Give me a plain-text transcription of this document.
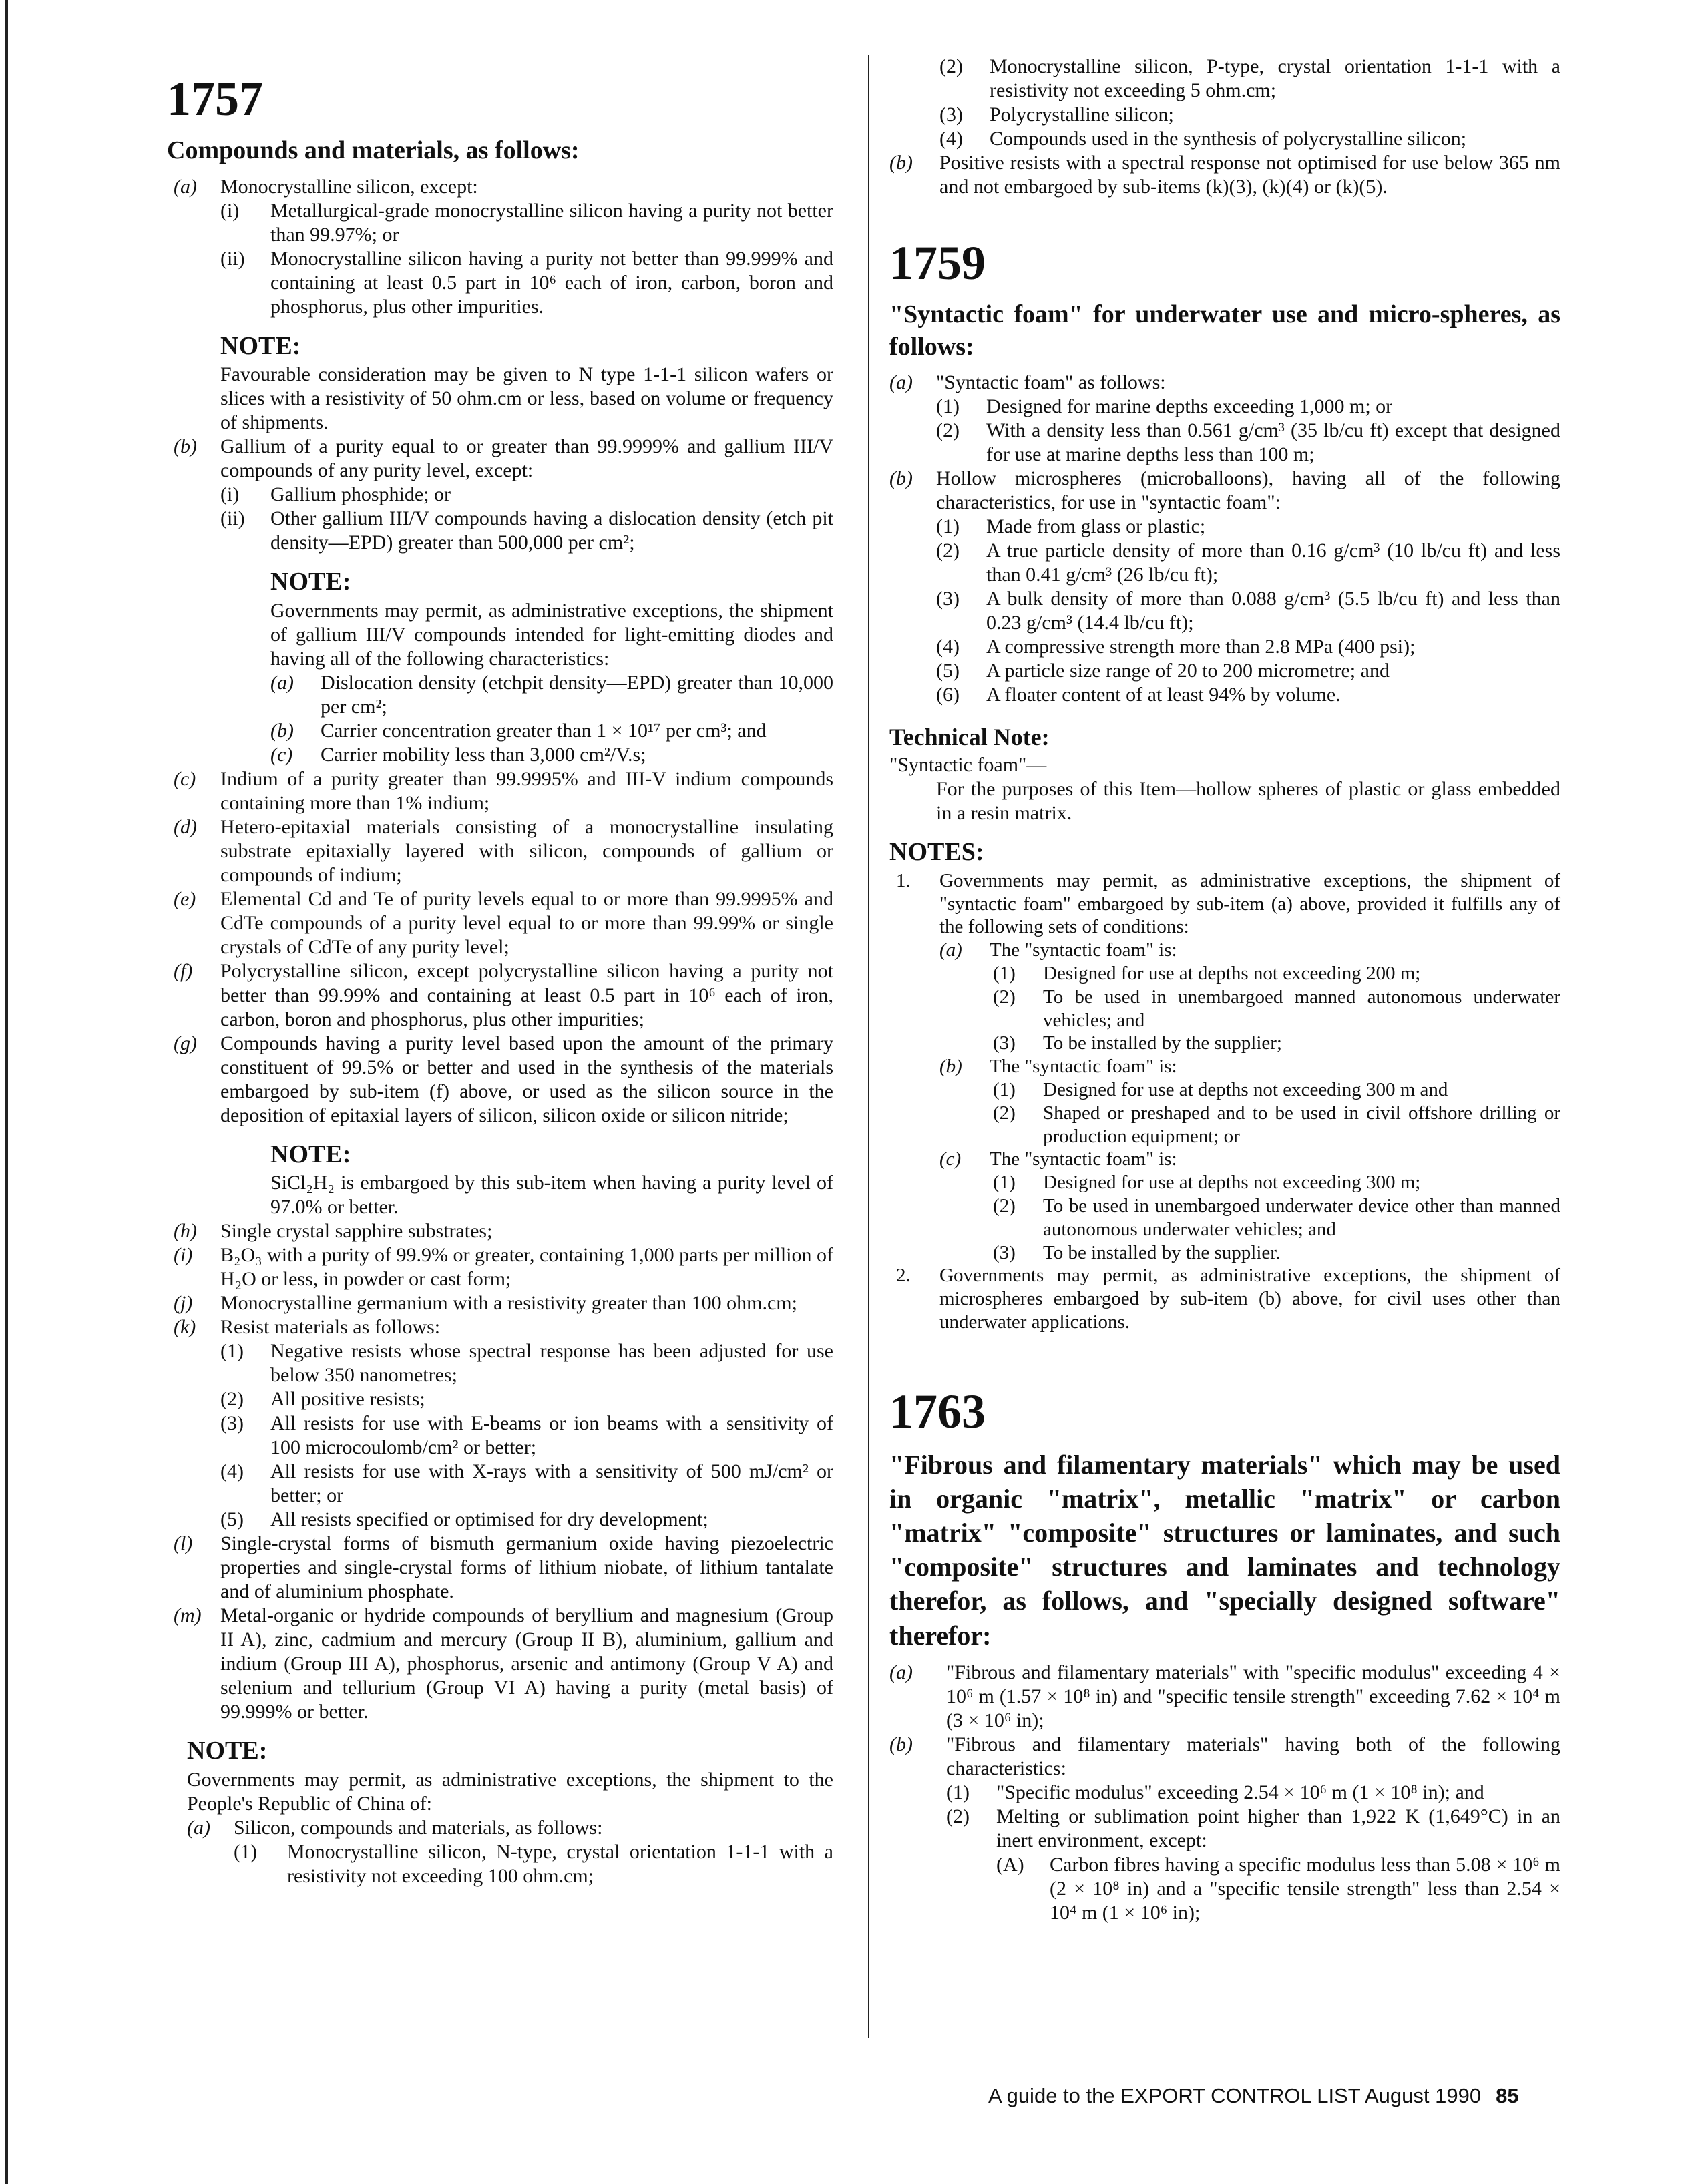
1757
Compounds and materials, as follows:
(a) Monocrystalline silicon, except:
(i) Metallurgical-grade monocrystalline silicon having a purity not better than 99.97%; or
(ii) Monocrystalline silicon having a purity not better than 99.999% and containing at least 0.5 part in 10⁶ each of iron, carbon, boron and phosphorus, plus other impurities.
NOTE:
Favourable consideration may be given to N type 1-1-1 silicon wafers or slices with a resistivity of 50 ohm.cm or less, based on volume or frequency of shipments.
(b) Gallium of a purity equal to or greater than 99.9999% and gallium III/V compounds of any purity level, except:
(i) Gallium phosphide; or
(ii) Other gallium III/V compounds having a dislocation density (etch pit density—EPD) greater than 500,000 per cm²;
NOTE:
Governments may permit, as administrative exceptions, the shipment of gallium III/V compounds intended for light-emitting diodes and having all of the following characteristics:
(a) Dislocation density (etchpit density—EPD) greater than 10,000 per cm²;
(b) Carrier concentration greater than 1 × 10¹⁷ per cm³; and
(c) Carrier mobility less than 3,000 cm²/V.s;
(c) Indium of a purity greater than 99.9995% and III-V indium compounds containing more than 1% indium;
(d) Hetero-epitaxial materials consisting of a monocrystalline insulating substrate epitaxially layered with silicon, compounds of gallium or compounds of indium;
(e) Elemental Cd and Te of purity levels equal to or more than 99.9995% and CdTe compounds of a purity level equal to or more than 99.99% or single crystals of CdTe of any purity level;
(f) Polycrystalline silicon, except polycrystalline silicon having a purity not better than 99.99% and containing at least 0.5 part in 10⁶ each of iron, carbon, boron and phosphorus, plus other impurities;
(g) Compounds having a purity level based upon the amount of the primary constituent of 99.5% or better and used in the synthesis of the materials embargoed by sub-item (f) above, or used as the silicon source in the deposition of epitaxial layers of silicon, silicon oxide or silicon nitride;
NOTE:
SiCl₂H₂ is embargoed by this sub-item when having a purity level of 97.0% or better.
(h) Single crystal sapphire substrates;
(i) B₂O₃ with a purity of 99.9% or greater, containing 1,000 parts per million of H₂O or less, in powder or cast form;
(j) Monocrystalline germanium with a resistivity greater than 100 ohm.cm;
(k) Resist materials as follows:
(1) Negative resists whose spectral response has been adjusted for use below 350 nanometres;
(2) All positive resists;
(3) All resists for use with E-beams or ion beams with a sensitivity of 100 microcoulomb/cm² or better;
(4) All resists for use with X-rays with a sensitivity of 500 mJ/cm² or better; or
(5) All resists specified or optimised for dry development;
(l) Single-crystal forms of bismuth germanium oxide having piezoelectric properties and single-crystal forms of lithium niobate, of lithium tantalate and of aluminium phosphate.
(m) Metal-organic or hydride compounds of beryllium and magnesium (Group II A), zinc, cadmium and mercury (Group II B), aluminium, gallium and indium (Group III A), phosphorus, arsenic and antimony (Group V A) and selenium and tellurium (Group VI A) having a purity (metal basis) of 99.999% or better.
NOTE:
Governments may permit, as administrative exceptions, the shipment to the People's Republic of China of:
(a) Silicon, compounds and materials, as follows:
(1) Monocrystalline silicon, N-type, crystal orientation 1-1-1 with a resistivity not exceeding 100 ohm.cm;
(2) Monocrystalline silicon, P-type, crystal orientation 1-1-1 with a resistivity not exceeding 5 ohm.cm;
(3) Polycrystalline silicon;
(4) Compounds used in the synthesis of polycrystalline silicon;
(b) Positive resists with a spectral response not optimised for use below 365 nm and not embargoed by sub-items (k)(3), (k)(4) or (k)(5).
1759
"Syntactic foam" for underwater use and micro-spheres, as follows:
(a) "Syntactic foam" as follows:
(1) Designed for marine depths exceeding 1,000 m; or
(2) With a density less than 0.561 g/cm³ (35 lb/cu ft) except that designed for use at marine depths less than 100 m;
(b) Hollow microspheres (microballoons), having all of the following characteristics, for use in "syntactic foam":
(1) Made from glass or plastic;
(2) A true particle density of more than 0.16 g/cm³ (10 lb/cu ft) and less than 0.41 g/cm³ (26 lb/cu ft);
(3) A bulk density of more than 0.088 g/cm³ (5.5 lb/cu ft) and less than 0.23 g/cm³ (14.4 lb/cu ft);
(4) A compressive strength more than 2.8 MPa (400 psi);
(5) A particle size range of 20 to 200 micrometre; and
(6) A floater content of at least 94% by volume.
Technical Note:
"Syntactic foam"—
For the purposes of this Item—hollow spheres of plastic or glass embedded in a resin matrix.
NOTES:
1. Governments may permit, as administrative exceptions, the shipment of "syntactic foam" embargoed by sub-item (a) above, provided it fulfills any of the following sets of conditions:
(a) The "syntactic foam" is:
(1) Designed for use at depths not exceeding 200 m;
(2) To be used in unembargoed manned autonomous underwater vehicles; and
(3) To be installed by the supplier;
(b) The "syntactic foam" is:
(1) Designed for use at depths not exceeding 300 m and
(2) Shaped or preshaped and to be used in civil offshore drilling or production equipment; or
(c) The "syntactic foam" is:
(1) Designed for use at depths not exceeding 300 m;
(2) To be used in unembargoed underwater device other than manned autonomous underwater vehicles; and
(3) To be installed by the supplier.
2. Governments may permit, as administrative exceptions, the shipment of microspheres embargoed by sub-item (b) above, for civil uses other than underwater applications.
1763
"Fibrous and filamentary materials" which may be used in organic "matrix", metallic "matrix" or carbon "matrix" "composite" structures or laminates, and such "composite" structures and laminates and technology therefor, as follows, and "specially designed software" therefor:
(a) "Fibrous and filamentary materials" with "specific modulus" exceeding 4 × 10⁶ m (1.57 × 10⁸ in) and "specific tensile strength" exceeding 7.62 × 10⁴ m (3 × 10⁶ in);
(b) "Fibrous and filamentary materials" having both of the following characteristics:
(1) "Specific modulus" exceeding 2.54 × 10⁶ m (1 × 10⁸ in); and
(2) Melting or sublimation point higher than 1,922 K (1,649°C) in an inert environment, except:
(A) Carbon fibres having a specific modulus less than 5.08 × 10⁶ m (2 × 10⁸ in) and a "specific tensile strength" less than 2.54 × 10⁴ m (1 × 10⁶ in);
A guide to the EXPORT CONTROL LIST August 1990 85
